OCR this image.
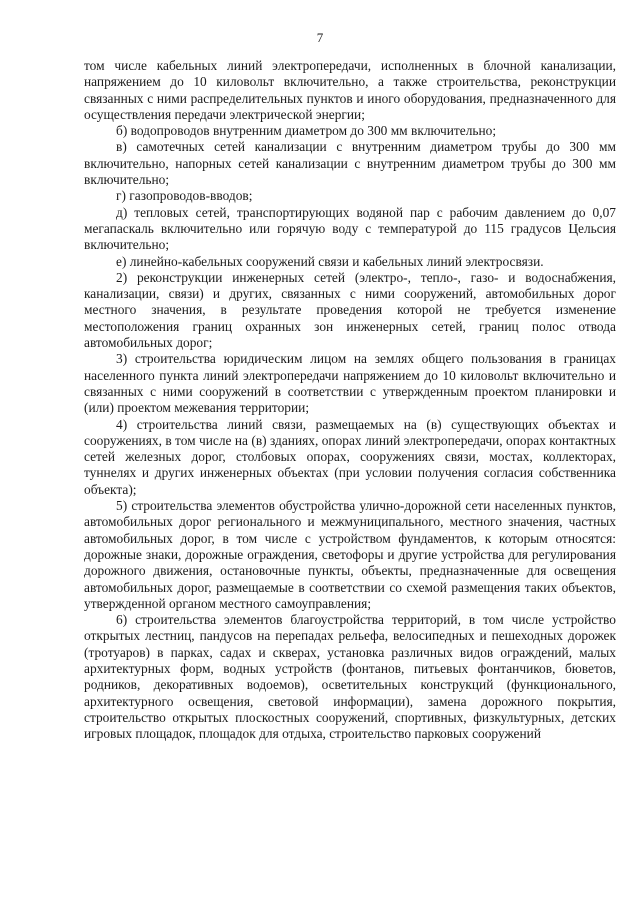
7

том числе кабельных линий электропередачи, исполненных в блочной канализации, напряжением до 10 киловольт включительно, а также строительства, реконструкции связанных с ними распределительных пунктов и иного оборудования, предназначенного для осуществления передачи электрической энергии;

б) водопроводов внутренним диаметром до 300 мм включительно;

в) самотечных сетей канализации с внутренним диаметром трубы до 300 мм включительно, напорных сетей канализации с внутренним диаметром трубы до 300 мм включительно;

г) газопроводов-вводов;

д) тепловых сетей, транспортирующих водяной пар с рабочим давлением до 0,07 мегапаскаль включительно или горячую воду с температурой до 115 градусов Цельсия включительно;

е) линейно-кабельных сооружений связи и кабельных линий электросвязи.

2) реконструкции инженерных сетей (электро-, тепло-, газо- и водоснабжения, канализации, связи) и других, связанных с ними сооружений, автомобильных дорог местного значения, в результате проведения которой не требуется изменение местоположения границ охранных зон инженерных сетей, границ полос отвода автомобильных дорог;

3) строительства юридическим лицом на землях общего пользования в границах населенного пункта линий электропередачи напряжением до 10 киловольт включительно и связанных с ними сооружений в соответствии с утвержденным проектом планировки и (или) проектом межевания территории;

4) строительства линий связи, размещаемых на (в) существующих объектах и сооружениях, в том числе на (в) зданиях, опорах линий электропередачи, опорах контактных сетей железных дорог, столбовых опорах, сооружениях связи, мостах, коллекторах, туннелях и других инженерных объектах (при условии получения согласия собственника объекта);

5) строительства элементов обустройства улично-дорожной сети населенных пунктов, автомобильных дорог регионального и межмуниципального, местного значения, частных автомобильных дорог, в том числе с устройством фундаментов, к которым относятся: дорожные знаки, дорожные ограждения, светофоры и другие устройства для регулирования дорожного движения, остановочные пункты, объекты, предназначенные для освещения автомобильных дорог, размещаемые в соответствии со схемой размещения таких объектов, утвержденной органом местного самоуправления;

6) строительства элементов благоустройства территорий, в том числе устройство открытых лестниц, пандусов на перепадах рельефа, велосипедных и пешеходных дорожек (тротуаров) в парках, садах и скверах, установка различных видов ограждений, малых архитектурных форм, водных устройств (фонтанов, питьевых фонтанчиков, бюветов, родников, декоративных водоемов), осветительных конструкций (функционального, архитектурного освещения, световой информации), замена дорожного покрытия, строительство открытых плоскостных сооружений, спортивных, физкультурных, детских игровых площадок, площадок для отдыха, строительство парковых сооружений
